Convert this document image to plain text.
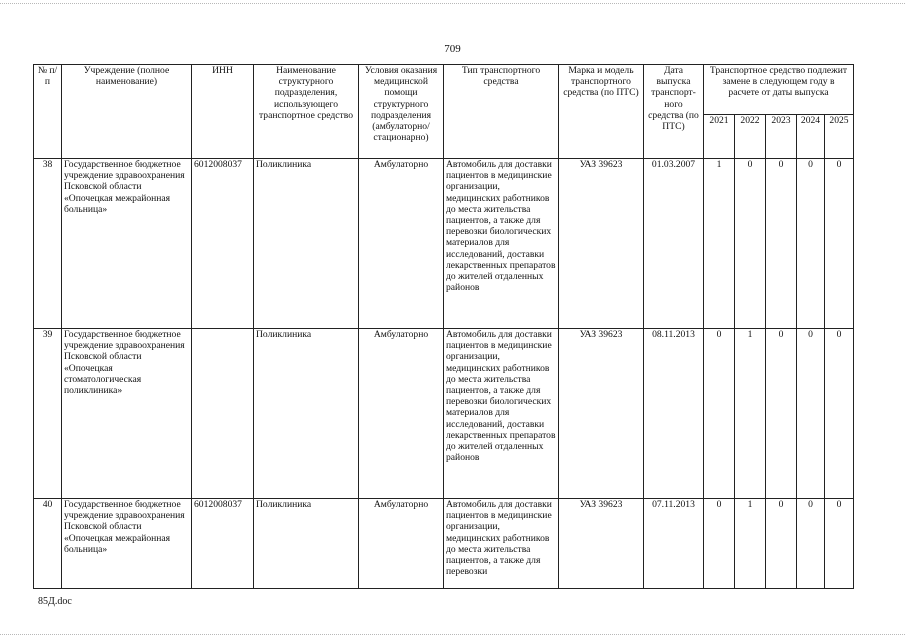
709
№ п/п	Учреждение (полное наименование)	ИНН	Наименование структурного подразделения, использующего транспортное средство	Условия оказания медицинской помощи структурного подразделения (амбулаторно/ стационарно)	Тип транспортного средства	Марка и модель транспортного средства (по ПТС)	Дата выпуска транспорт-ного средства (по ПТС)	Транспортное средство подлежит замене в следующем году в расчете от даты выпуска				
								2021	2022	2023	2024	2025
38	Государственное бюджетное учреждение здравоохранения Псковской области «Опочецкая межрайонная больница»	6012008037	Поликлиника	Амбулаторно	Автомобиль для доставки пациентов в медицинские организации, медицинских работников до места жительства пациентов, а также для перевозки биологических материалов для исследований, доставки лекарственных препаратов до жителей отдаленных районов	УАЗ 39623	01.03.2007	1	0	0	0	0
39	Государственное бюджетное учреждение здравоохранения Псковской области «Опочецкая стоматологическая поликлиника»		Поликлиника	Амбулаторно	Автомобиль для доставки пациентов в медицинские организации, медицинских работников до места жительства пациентов, а также для перевозки биологических материалов для исследований, доставки лекарственных препаратов до жителей отдаленных районов	УАЗ 39623	08.11.2013	0	1	0	0	0
40	Государственное бюджетное учреждение здравоохранения Псковской области «Опочецкая межрайонная больница»	6012008037	Поликлиника	Амбулаторно	Автомобиль для доставки пациентов в медицинские организации, медицинских работников до места жительства пациентов, а также для перевозки	УАЗ 39623	07.11.2013	0	1	0	0	0
85Д.doc
